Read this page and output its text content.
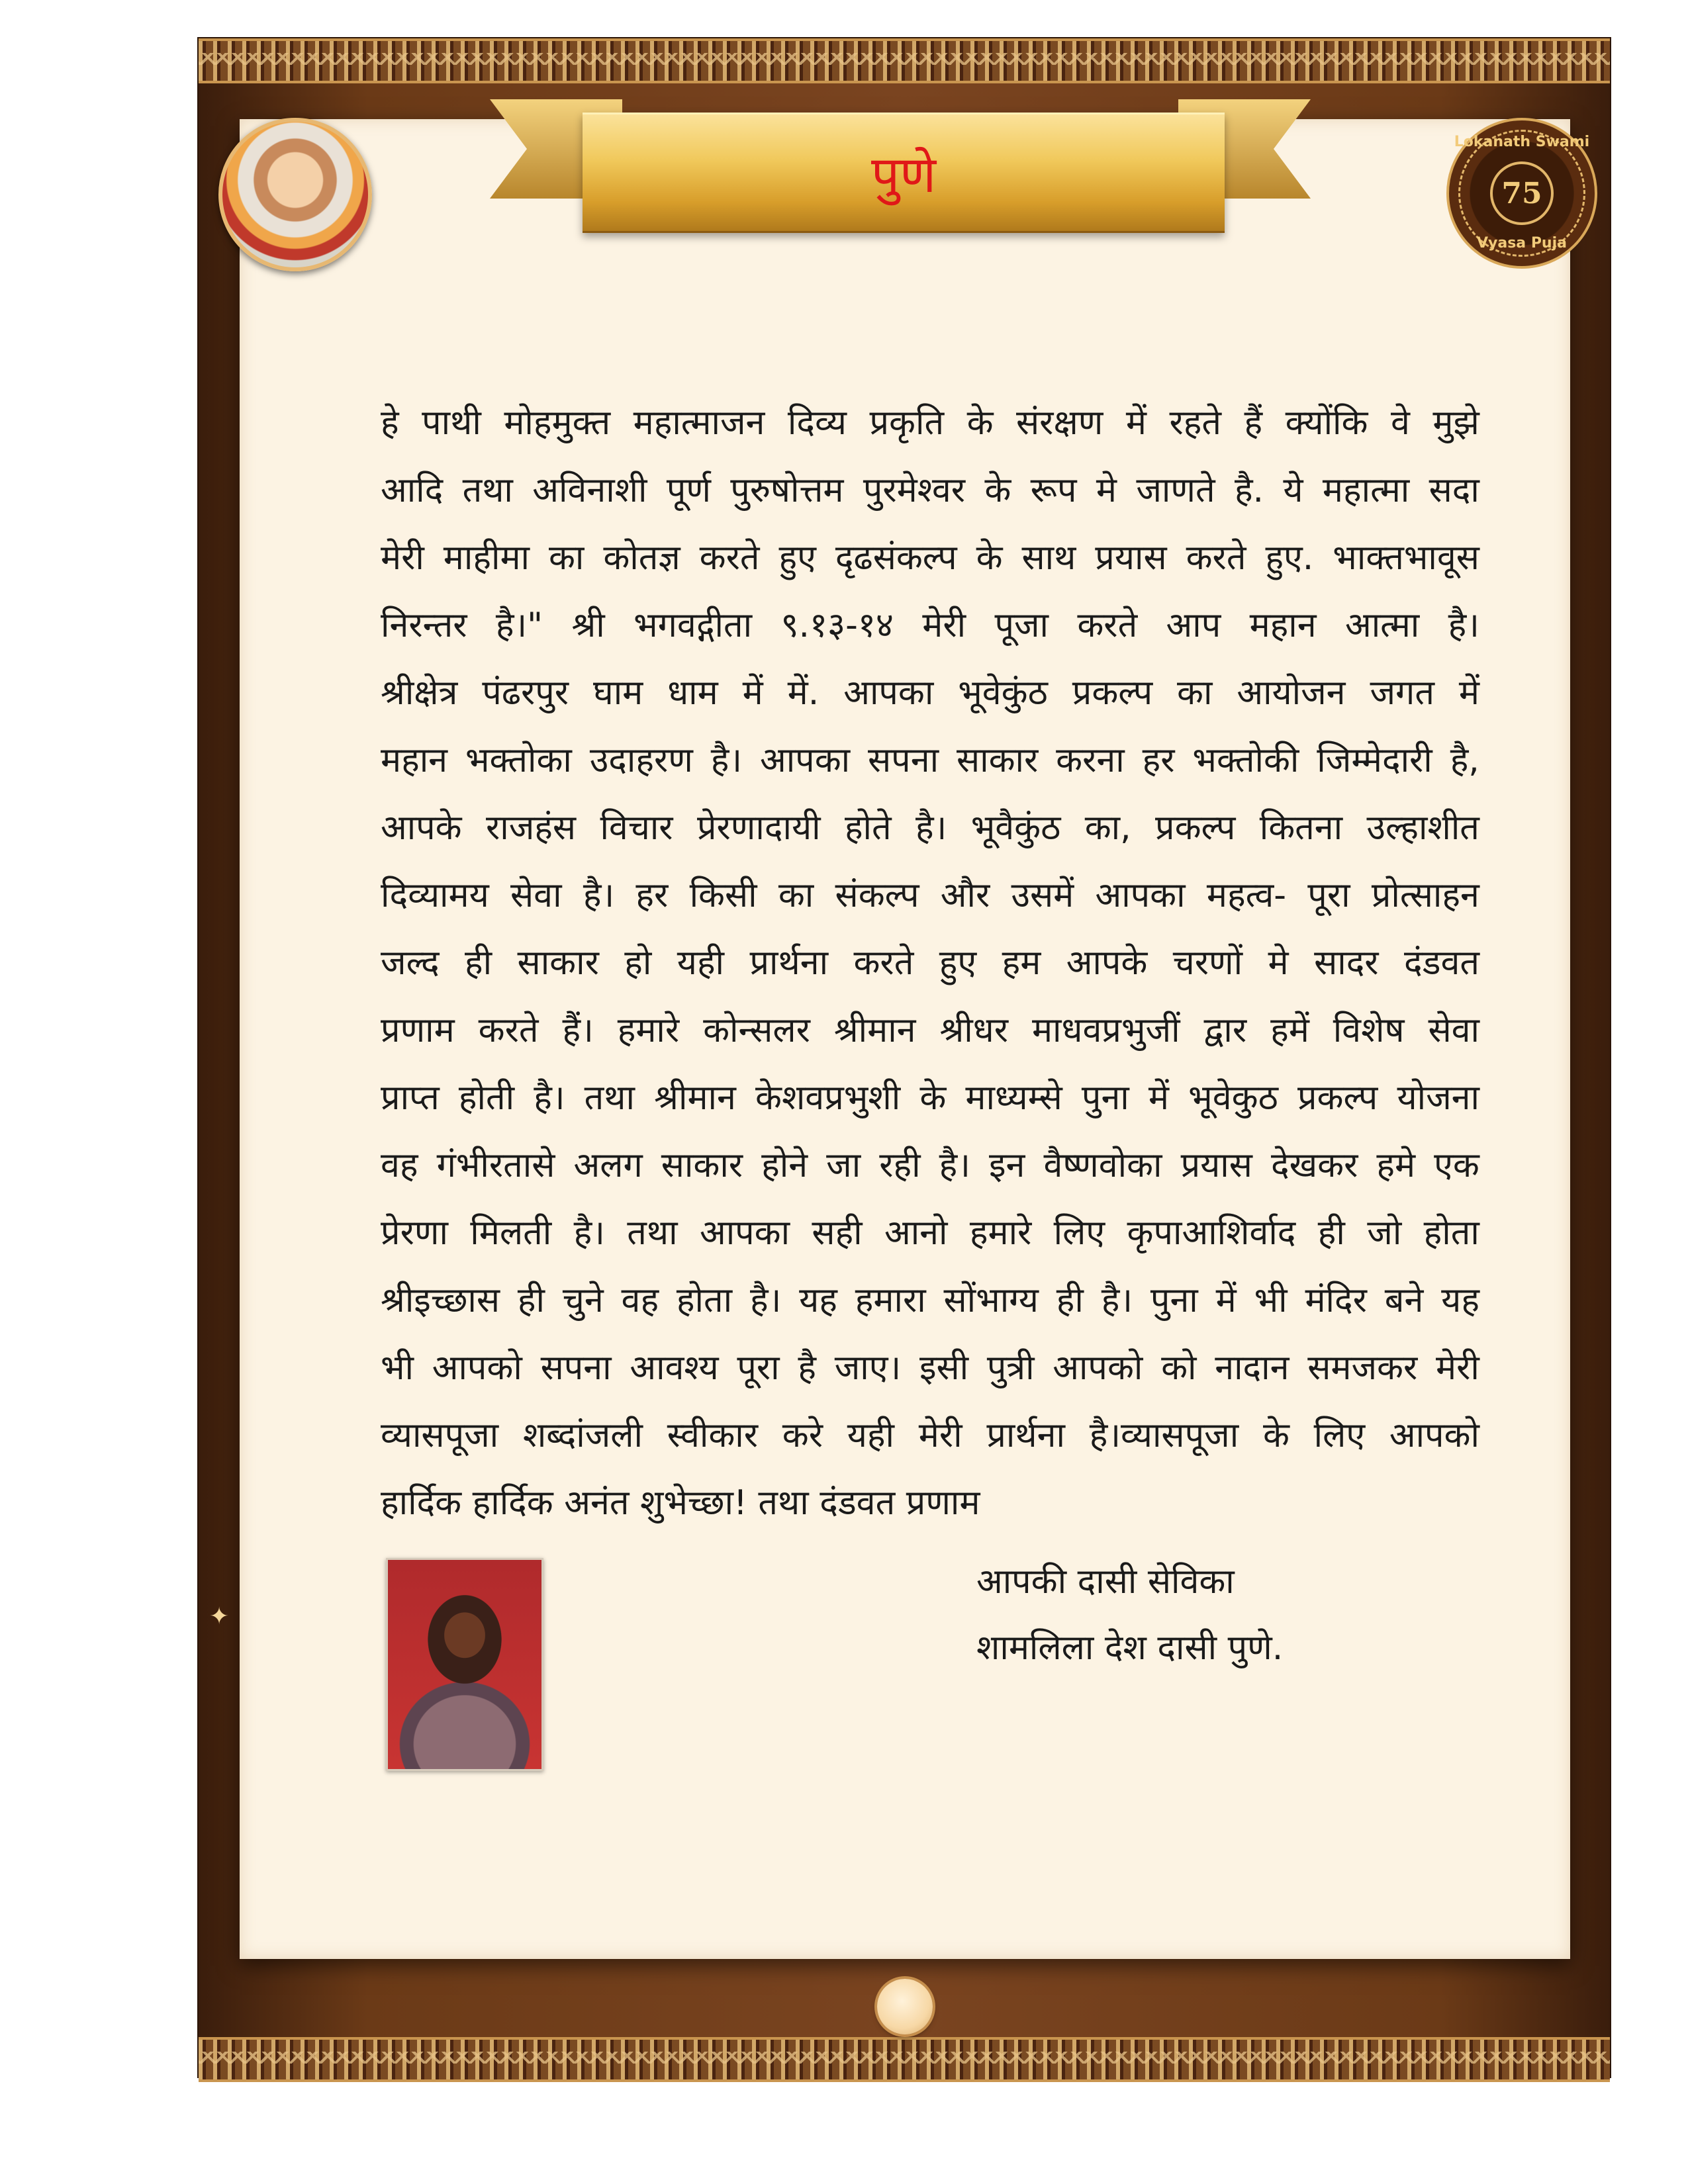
पुणे
Lokanath Swami
75
Vyasa Puja
हे पाथी मोहमुक्त महात्माजन दिव्य प्रकृति के संरक्षण में रहते हैं क्योंकि वे मुझे
आदि तथा अविनाशी पूर्ण पुरुषोत्तम पुरमेश्वर के रूप मे जाणते है. ये महात्मा सदा
मेरी माहीमा का कोतज्ञ करते हुए दृढसंकल्प के साथ प्रयास करते हुए. भाक्तभावूस
निरन्तर है।" श्री भगवद्गीता ९.१३-१४ मेरी पूजा करते आप महान आत्मा है।
श्रीक्षेत्र पंढरपुर घाम धाम में में. आपका भूवेकुंठ प्रकल्प का आयोजन जगत में
महान भक्तोका उदाहरण है। आपका सपना साकार करना हर भक्तोकी जिम्मेदारी है,
आपके राजहंस विचार प्रेरणादायी होते है। भूवैकुंठ का, प्रकल्प कितना उल्हाशीत
दिव्यामय सेवा है। हर किसी का संकल्प और उसमें आपका महत्व- पूरा प्रोत्साहन
जल्द ही साकार हो यही प्रार्थना करते हुए हम आपके चरणों मे सादर दंडवत
प्रणाम करते हैं। हमारे कोन्सलर श्रीमान श्रीधर माधवप्रभुजीं द्वार हमें विशेष सेवा
प्राप्त होती है। तथा श्रीमान केशवप्रभुशी के माध्यम्से पुना में भूवेकुठ प्रकल्प योजना
वह गंभीरतासे अलग साकार होने जा रही है। इन वैष्णवोका प्रयास देखकर हमे एक
प्रेरणा मिलती है। तथा आपका सही आनो हमारे लिए कृपाआशिर्वाद ही जो होता
श्रीइच्छास ही चुने वह होता है। यह हमारा सोंभाग्य ही है। पुना में भी मंदिर बने यह
भी आपको सपना आवश्य पूरा है जाए। इसी पुत्री आपको को नादान समजकर मेरी
व्यासपूजा शब्दांजली स्वीकार करे यही मेरी प्रार्थना है।व्यासपूजा के लिए आपको
हार्दिक हार्दिक अनंत शुभेच्छा! तथा दंडवत प्रणाम
आपकी दासी सेविका
शामलिला देश दासी पुणे.
✦
